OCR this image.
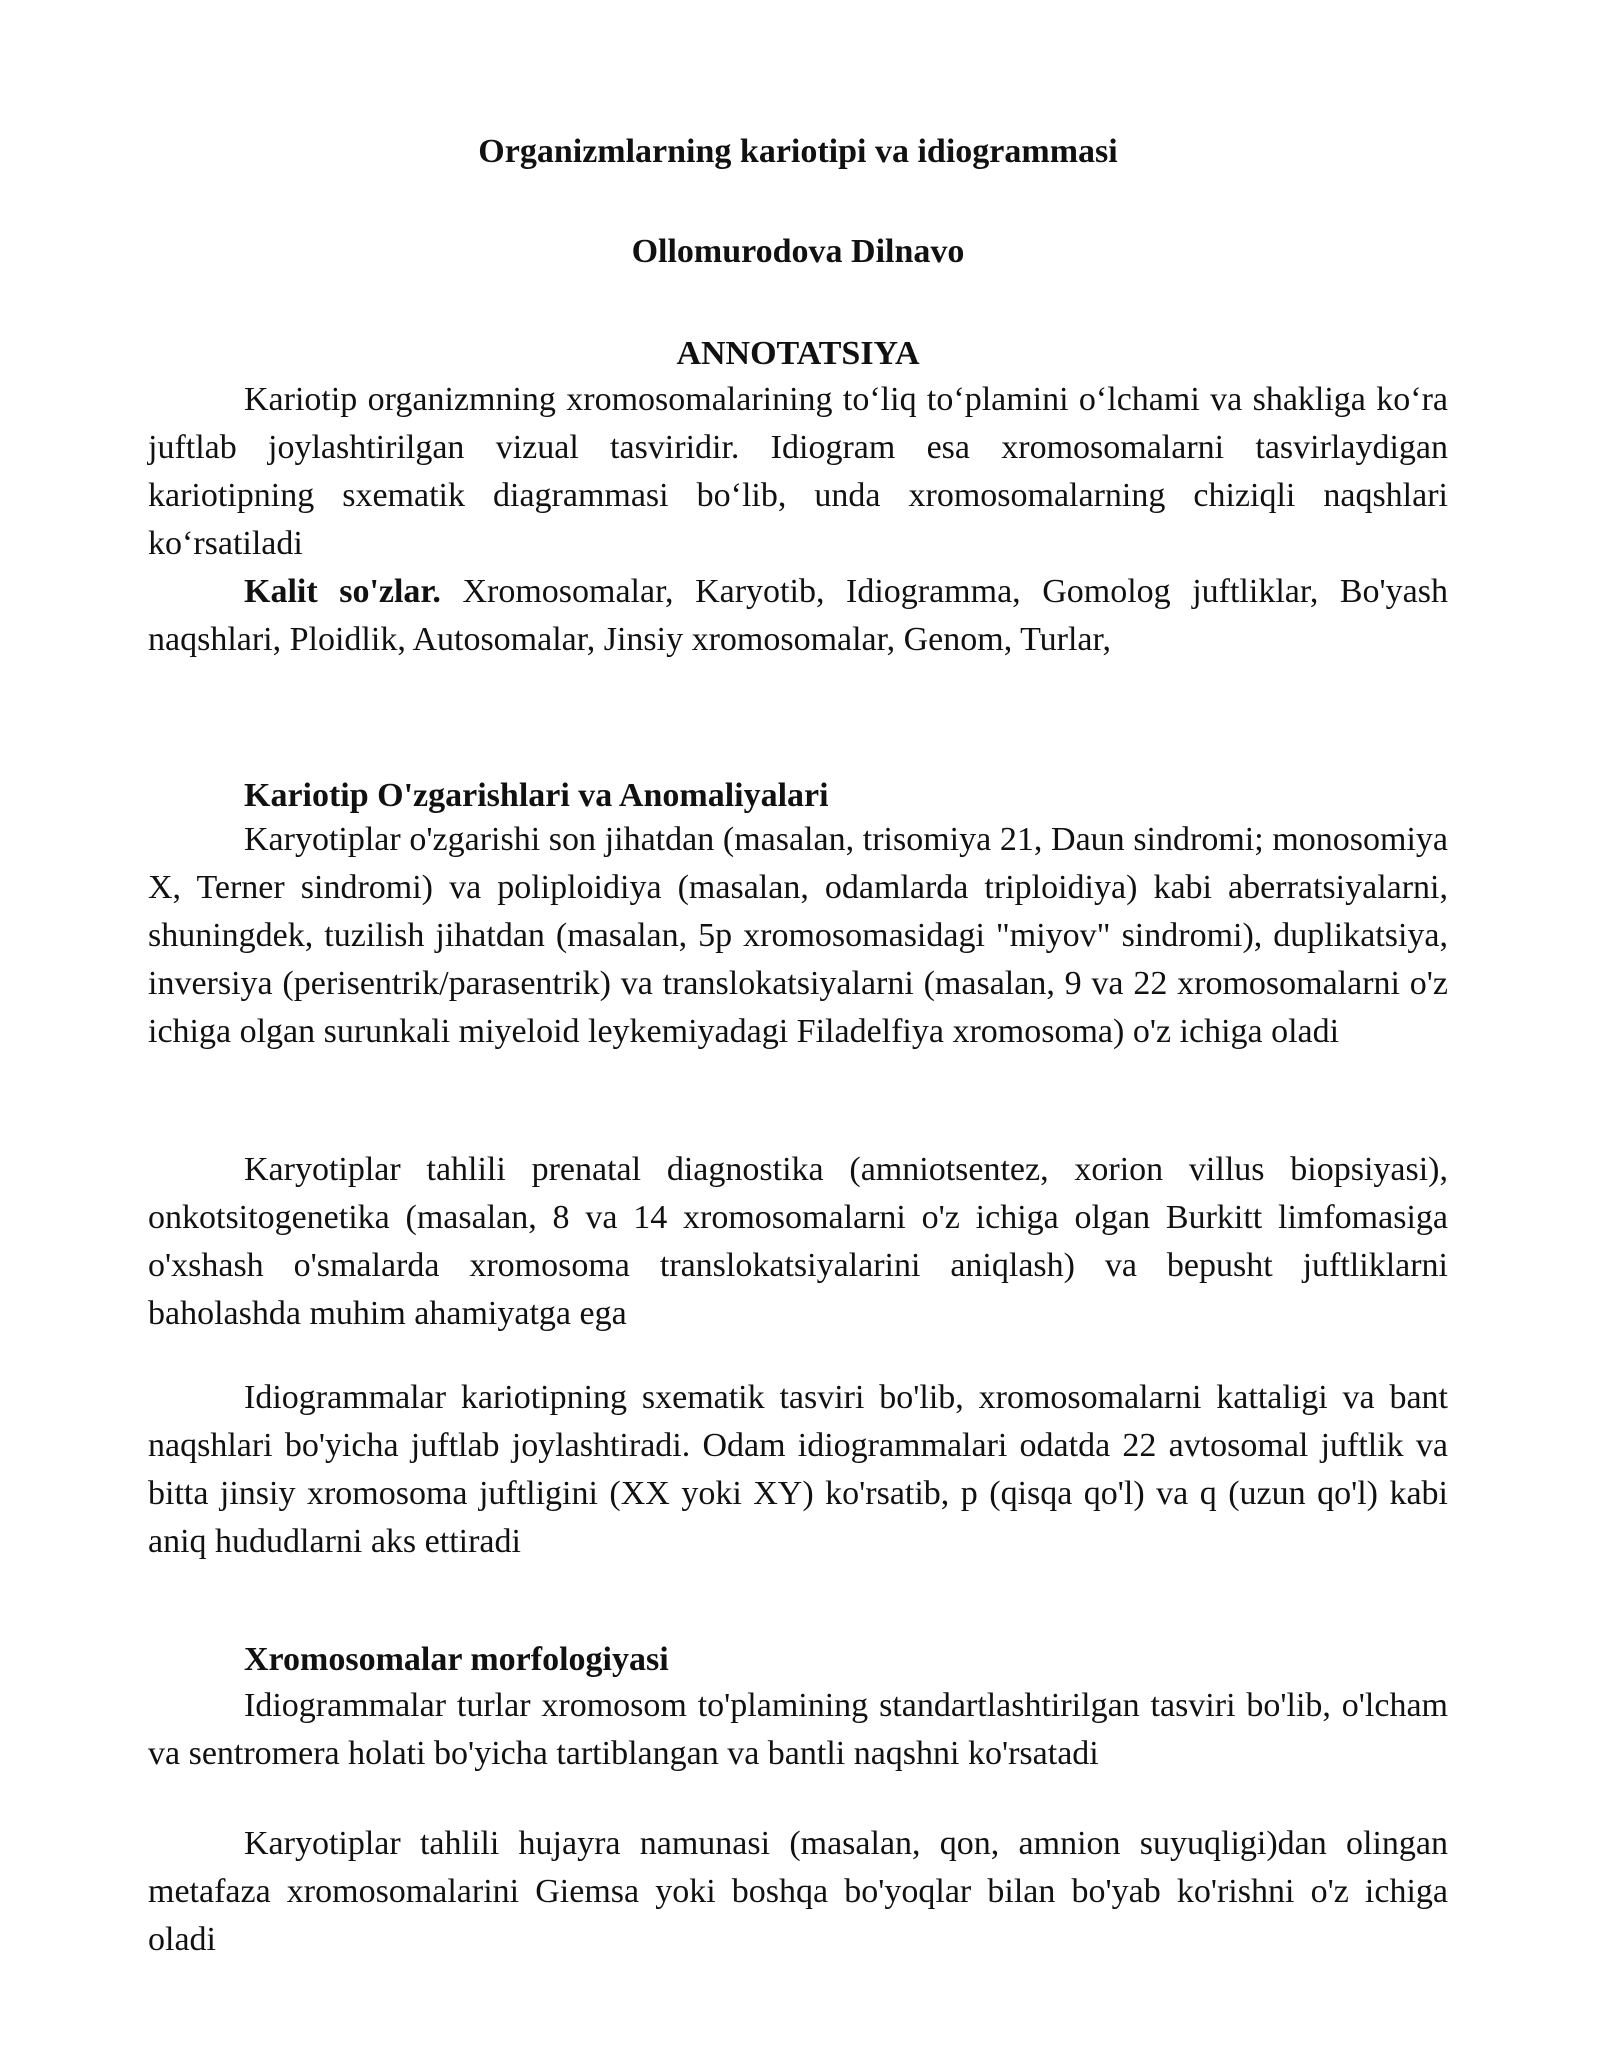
Organizmlarning kariotipi va idiogrammasi
Ollomurodova Dilnavo
ANNOTATSIYA

Kariotip organizmning xromosomalarining to‘liq to‘plamini o‘lchami va shakliga ko‘ra juftlab joylashtirilgan vizual tasviridir. Idiogram esa xromosomalarni tasvirlaydigan kariotipning sxematik diagrammasi bo‘lib, unda xromosomalarning chiziqli naqshlari ko‘rsatiladi

Kalit so'zlar. Xromosomalar, Karyotib, Idiogramma, Gomolog juftliklar, Bo'yash naqshlari, Ploidlik, Autosomalar, Jinsiy xromosomalar, Genom, Turlar,

Kariotip O'zgarishlari va Anomaliyalari

Karyotiplar o'zgarishi son jihatdan (masalan, trisomiya 21, Daun sindromi; monosomiya X, Terner sindromi) va poliploidiya (masalan, odamlarda triploidiya) kabi aberratsiyalarni, shuningdek, tuzilish jihatdan (masalan, 5p xromosomasidagi "miyov" sindromi), duplikatsiya, inversiya (perisentrik/parasentrik) va translokatsiyalarni (masalan, 9 va 22 xromosomalarni o'z ichiga olgan surunkali miyeloid leykemiyadagi Filadelfiya xromosoma) o'z ichiga oladi

Karyotiplar tahlili prenatal diagnostika (amniotsentez, xorion villus biopsiyasi), onkotsitogenetika (masalan, 8 va 14 xromosomalarni o'z ichiga olgan Burkitt limfomasiga o'xshash o'smalarda xromosoma translokatsiyalarini aniqlash) va bepusht juftliklarni baholashda muhim ahamiyatga ega

Idiogrammalar kariotipning sxematik tasviri bo'lib, xromosomalarni kattaligi va bant naqshlari bo'yicha juftlab joylashtiradi. Odam idiogrammalari odatda 22 avtosomal juftlik va bitta jinsiy xromosoma juftligini (XX yoki XY) ko'rsatib, p (qisqa qo'l) va q (uzun qo'l) kabi aniq hududlarni aks ettiradi

Xromosomalar morfologiyasi

Idiogrammalar turlar xromosom to'plamining standartlashtirilgan tasviri bo'lib, o'lcham va sentromera holati bo'yicha tartiblangan va bantli naqshni ko'rsatadi

Karyotiplar tahlili hujayra namunasi (masalan, qon, amnion suyuqligi)dan olingan metafaza xromosomalarini Giemsa yoki boshqa bo'yoqlar bilan bo'yab ko'rishni o'z ichiga oladi
